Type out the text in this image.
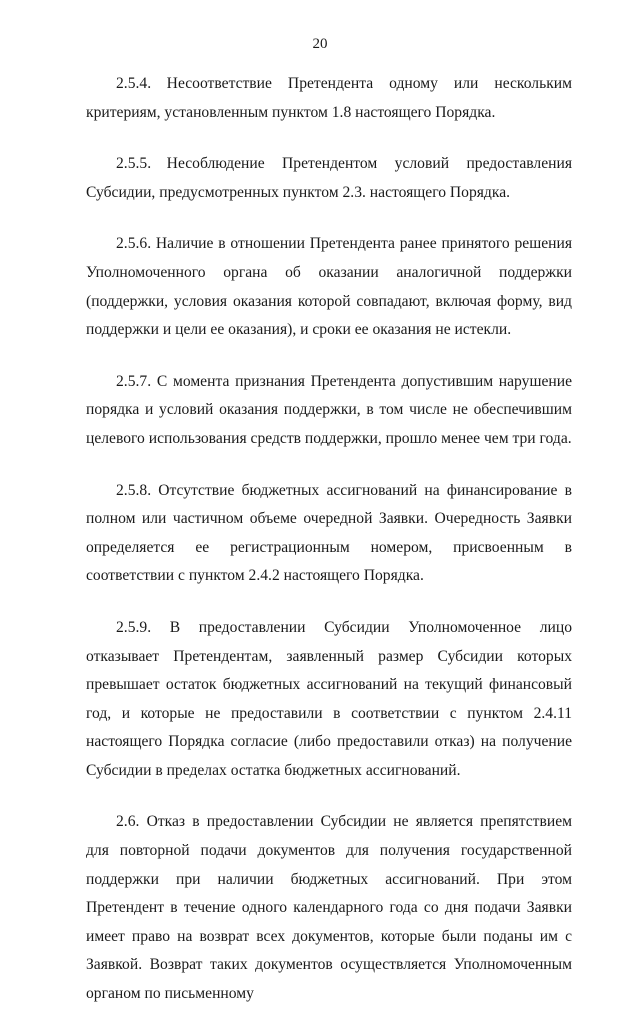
20

2.5.4. Несоответствие Претендента одному или нескольким критериям, установленным пунктом 1.8 настоящего Порядка.

2.5.5. Несоблюдение Претендентом условий предоставления Субсидии, предусмотренных пунктом 2.3. настоящего Порядка.

2.5.6. Наличие в отношении Претендента ранее принятого решения Уполномоченного органа об оказании аналогичной поддержки (поддержки, условия оказания которой совпадают, включая форму, вид поддержки и цели ее оказания), и сроки ее оказания не истекли.

2.5.7. С момента признания Претендента допустившим нарушение порядка и условий оказания поддержки, в том числе не обеспечившим целевого использования средств поддержки, прошло менее чем три года.

2.5.8. Отсутствие бюджетных ассигнований на финансирование в полном или частичном объеме очередной Заявки. Очередность Заявки определяется ее регистрационным номером, присвоенным в соответствии с пунктом 2.4.2 настоящего Порядка.

2.5.9. В предоставлении Субсидии Уполномоченное лицо отказывает Претендентам, заявленный размер Субсидии которых превышает остаток бюджетных ассигнований на текущий финансовый год, и которые не предоставили в соответствии с пунктом 2.4.11 настоящего Порядка согласие (либо предоставили отказ) на получение Субсидии в пределах остатка бюджетных ассигнований.

2.6. Отказ в предоставлении Субсидии не является препятствием для повторной подачи документов для получения государственной поддержки при наличии бюджетных ассигнований. При этом Претендент в течение одного календарного года со дня подачи Заявки имеет право на возврат всех документов, которые были поданы им с Заявкой. Возврат таких документов осуществляется Уполномоченным органом по письменному
